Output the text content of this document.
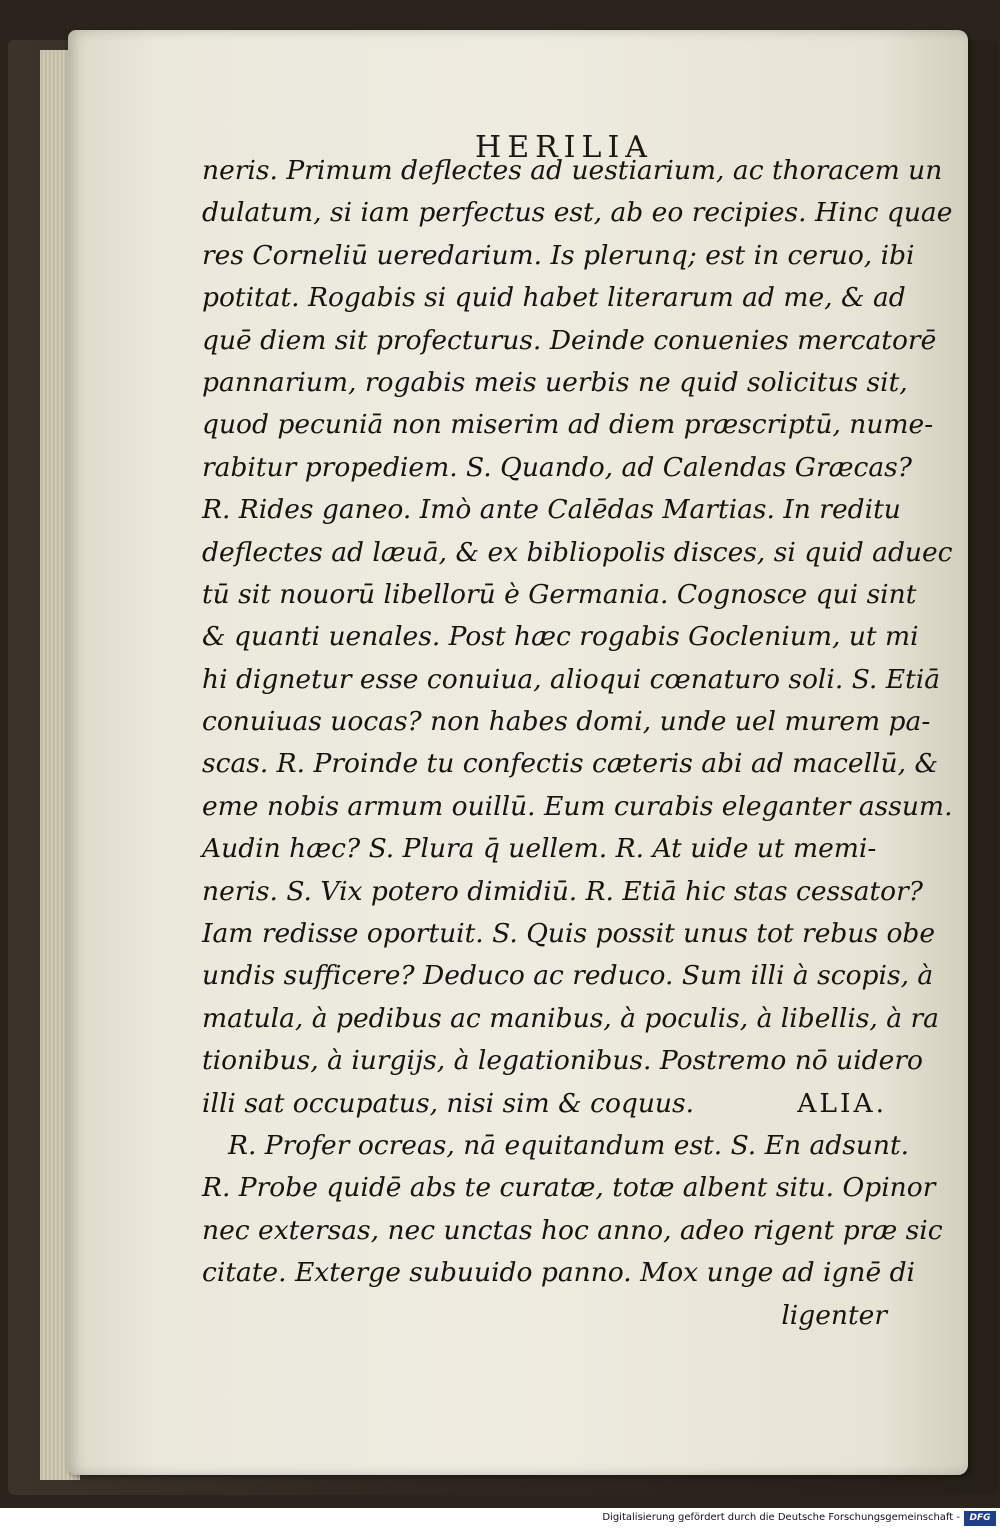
HERILIA
neris. Primum deflectes ad uestiarium, ac thoracem un
dulatum, si iam perfectus est, ab eo recipies. Hinc quae
res Corneliū ueredarium. Is plerunq; est in ceruo, ibi
potitat. Rogabis si quid habet literarum ad me, & ad
quē diem sit profecturus. Deinde conuenies mercatorē
pannarium, rogabis meis uerbis ne quid solicitus sit,
quod pecuniā non miserim ad diem præscriptū, nume-
rabitur propediem. S. Quando, ad Calendas Græcas?
R. Rides ganeo. Imò ante Calēdas Martias. In reditu
deflectes ad læuā, & ex bibliopolis disces, si quid aduec
tū sit nouorū libellorū è Germania. Cognosce qui sint
& quanti uenales. Post hæc rogabis Goclenium, ut mi
hi dignetur esse conuiua, alioqui cœnaturo soli. S. Etiā
conuiuas uocas? non habes domi, unde uel murem pa-
scas. R. Proinde tu confectis cæteris abi ad macellū, &
eme nobis armum ouillū. Eum curabis eleganter assum.
Audin hæc? S. Plura q̄ uellem. R. At uide ut memi-
neris. S. Vix potero dimidiū. R. Etiā hic stas cessator?
Iam redisse oportuit. S. Quis possit unus tot rebus obe
undis sufficere? Deduco ac reduco. Sum illi à scopis, à
matula, à pedibus ac manibus, à poculis, à libellis, à ra
tionibus, à iurgijs, à legationibus. Postremo nō uidero
illi sat occupatus, nisi sim & coquus.	ALIA.
R. Profer ocreas, nā equitandum est. S. En adsunt.
R. Probe quidē abs te curatæ, totæ albent situ. Opinor
nec extersas, nec unctas hoc anno, adeo rigent præ sic
citate. Exterge subuuido panno. Mox unge ad ignē di
ligenter
Digitalisierung gefördert durch die Deutsche Forschungsgemeinschaft -	DFG
